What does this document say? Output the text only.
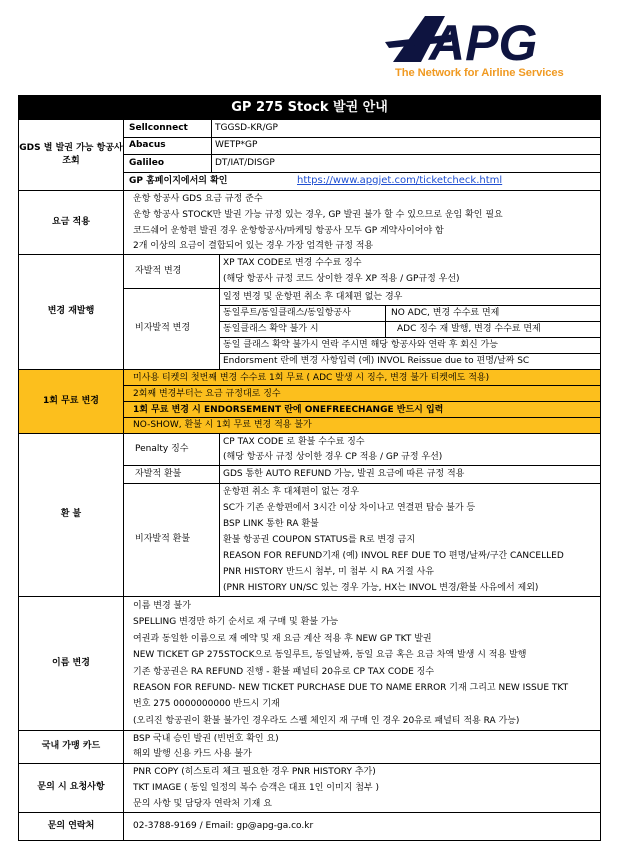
APG
The Network for Airline Services
GP 275 Stock 발권 안내
GDS 별 발권 가능 항공사 조회
Sellconnect	TGGSD-KR/GP
Abacus	WETP*GP
Galileo	DT/IAT/DISGP
GP 홈페이지에서의 확인	https://www.apgjet.com/ticketcheck.html
요금 적용
운항 항공사 GDS 요금 규정 준수
운항 항공사 STOCK만 발권 가능 규정 있는 경우, GP 발권 불가 할 수 있으므로 운임 확인 필요
코드쉐어 운항편 발권 경우 운항항공사/마케팅 항공사 모두 GP 계약사이어야 함
2개 이상의 요금이 결합되어 있는 경우 가장 엄격한 규정 적용
변경 재발행
자발적 변경
XP TAX CODE로 변경 수수료 징수
(해당 항공사 규정 코드 상이한 경우 XP 적용 / GP규정 우선)
비자발적 변경
일정 변경 및 운항편 취소 후 대체편 없는 경우
동일루트/동일클래스/동일항공사	NO ADC, 변경 수수료 면제
동일클래스 확약 불가 시	ADC 징수 재 발행, 변경 수수료 면제
동일 클래스 확약 불가시 연락 주시면 해당 항공사와 연락 후 회신 가능
Endorsment 란에 변경 사항입력 (예) INVOL Reissue due to 편명/날짜 SC
1회 무료 변경
미사용 티켓의 첫번째 변경 수수료 1회 무료 ( ADC 발생 시 징수, 변경 불가 티켓에도 적용)
2회째 변경부터는 요금 규정대로 징수
1회 무료 변경 시 ENDORSEMENT 란에 ONEFREECHANGE 반드시 입력
NO-SHOW, 환불 시 1회 무료 변경 적용 불가
환 불
Penalty 징수
CP TAX CODE 로 환불 수수료 징수
(해당 항공사 규정 상이한 경우 CP 적용 / GP 규정 우선)
자발적 환불	GDS 통한 AUTO REFUND 가능, 발권 요금에 따른 규정 적용
비자발적 환불
운항편 취소 후 대체편이 없는 경우
SC가 기존 운항편에서 3시간 이상 차이나고 연결편 탑승 불가 등
BSP LINK 통한 RA 환불
환불 항공권 COUPON STATUS를 R로 변경 금지
REASON FOR REFUND기재 (예) INVOL REF DUE TO 편명/날짜/구간 CANCELLED
PNR HISTORY 반드시 첨부, 미 첨부 시 RA 거절 사유
(PNR HISTORY UN/SC 있는 경우 가능, HX는 INVOL 변경/환불 사유에서 제외)
이름 변경
이름 변경 불가
SPELLING 변경만 하기 순서로 재 구매 및 환불 가능
여권과 동일한 이름으로 재 예약 및 재 요금 계산 적용 후 NEW GP TKT 발권
NEW TICKET GP 275STOCK으로 동일루트, 동일날짜, 동일 요금 혹은 요금 차액 발생 시 적용 발행
기존 항공권은 RA REFUND 진행 - 환불 패널티 20유로 CP TAX CODE 징수
REASON FOR REFUND- NEW TICKET PURCHASE DUE TO NAME ERROR 기재 그리고 NEW ISSUE TKT
번호 275 0000000000 반드시 기재
(오리진 항공권이 환불 불가인 경우라도 스펠 체인지 재 구매 인 경우 20유로 패널티 적용 RA 가능)
국내 가맹 카드
BSP 국내 승인 발권 (빈번호 확인 요)
해외 발행 신용 카드 사용 불가
문의 시 요청사항
PNR COPY (히스토리 체크 필요한 경우 PNR HISTORY 추가)
TKT IMAGE ( 동일 일정의 복수 승객은 대표 1인 이미지 첨부 )
문의 사항 및 담당자 연락처 기재 요
문의 연락처	02-3788-9169 / Email: gp@apg-ga.co.kr
